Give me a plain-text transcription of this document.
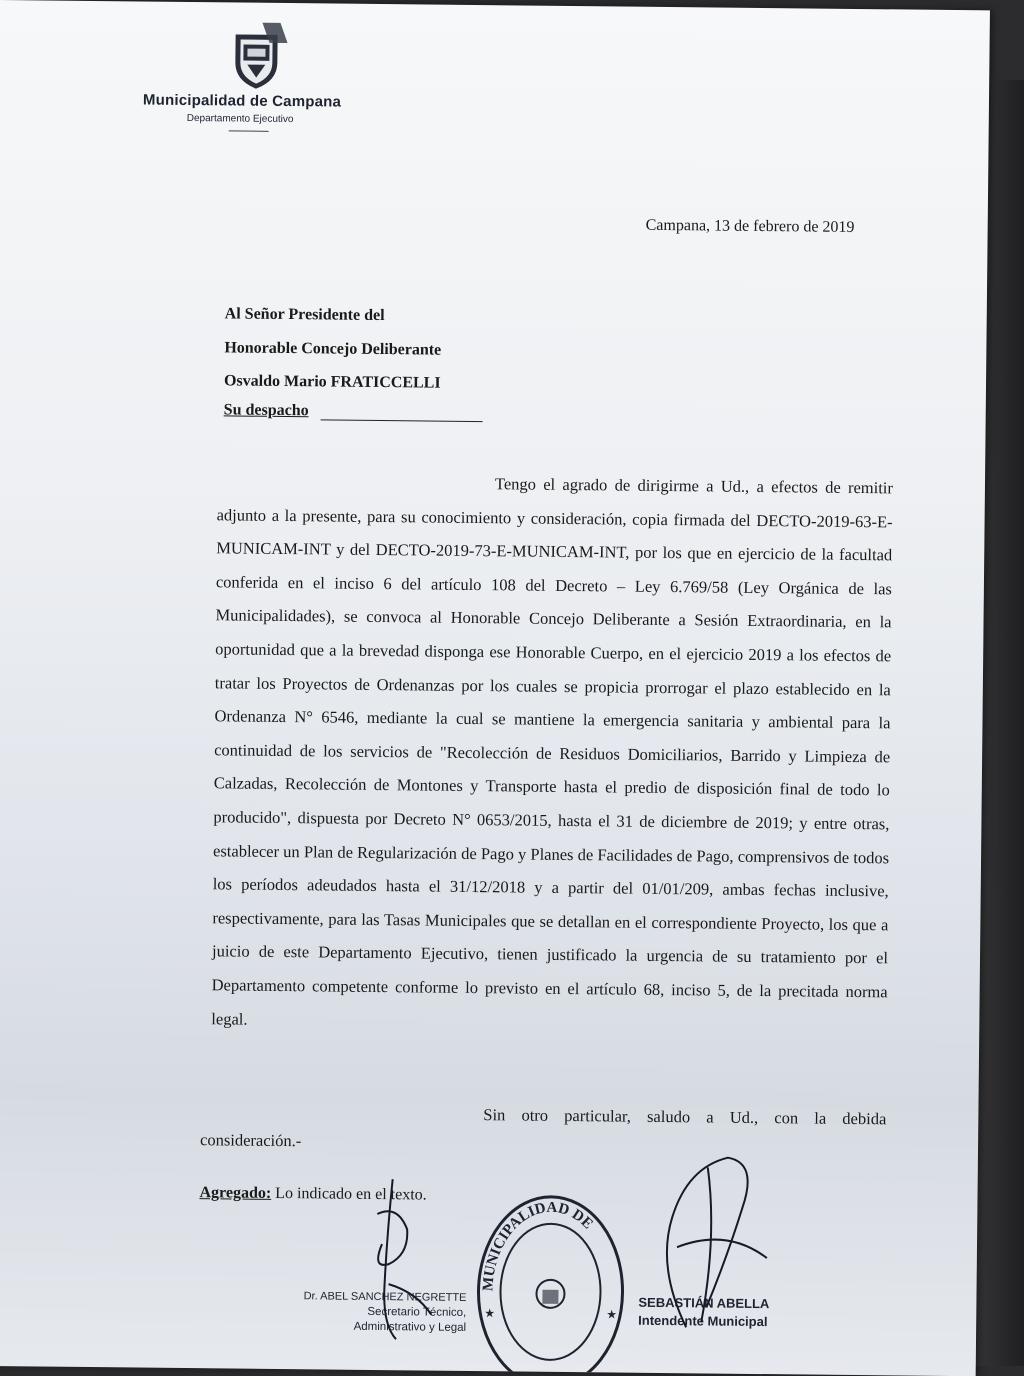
Municipalidad de Campana
Departamento Ejecutivo
Campana, 13 de febrero de 2019
Al Señor Presidente del
Honorable Concejo Deliberante
Osvaldo Mario FRATICCELLI
Su despacho

Tengo el agrado de dirigirme a Ud., a efectos de remitir adjunto a la presente, para su conocimiento y consideración, copia firmada del DECTO-2019-63-E-MUNICAM-INT y del DECTO-2019-73-E-MUNICAM-INT, por los que en ejercicio de la facultad conferida en el inciso 6 del artículo 108 del Decreto – Ley 6.769/58 (Ley Orgánica de las Municipalidades), se convoca al Honorable Concejo Deliberante a Sesión Extraordinaria, en la oportunidad que a la brevedad disponga ese Honorable Cuerpo, en el ejercicio 2019 a los efectos de tratar los Proyectos de Ordenanzas por los cuales se propicia prorrogar el plazo establecido en la Ordenanza N° 6546, mediante la cual se mantiene la emergencia sanitaria y ambiental para la continuidad de los servicios de "Recolección de Residuos Domiciliarios, Barrido y Limpieza de Calzadas, Recolección de Montones y Transporte hasta el predio de disposición final de todo lo producido", dispuesta por Decreto N° 0653/2015, hasta el 31 de diciembre de 2019; y entre otras, establecer un Plan de Regularización de Pago y Planes de Facilidades de Pago, comprensivos de todos los períodos adeudados hasta el 31/12/2018 y a partir del 01/01/209, ambas fechas inclusive, respectivamente, para las Tasas Municipales que se detallan en el correspondiente Proyecto, los que a juicio de este Departamento Ejecutivo, tienen justificado la urgencia de su tratamiento por el Departamento competente conforme lo previsto en el artículo 68, inciso 5, de la precitada norma legal.

Sin otro particular, saludo a Ud., con la debida consideración.-

Agregado: Lo indicado en el texto.
MUNICIPALIDAD DE
★	★
Dr. ABEL SANCHEZ NEGRETTE
Secretario Técnico,
Administrativo y Legal
SEBASTIÁN ABELLA
Intendente Municipal
